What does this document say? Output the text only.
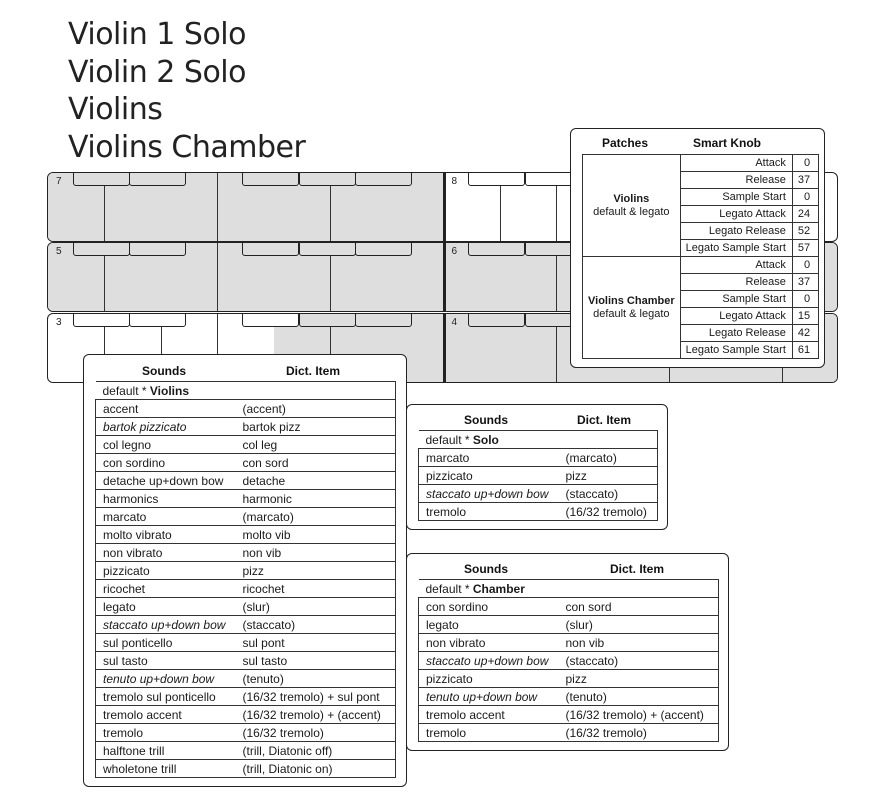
Violin 1 Solo
Violin 2 Solo
Violins
Violins Chamber
7	8
5	6
3	4
Patches	Smart Knob
Violins
default & legato	Attack	0
	Release	37
	Sample Start	0
	Legato Attack	24
	Legato Release	52
	Legato Sample Start	57

Violins Chamber
default & legato	Attack	0
	Release	37
	Sample Start	0
	Legato Attack	15
	Legato Release	42
	Legato Sample Start	61
Sounds	Dict. Item
default * Violins	
accent	(accent)
bartok pizzicato	bartok pizz
col legno	col leg
con sordino	con sord
detache up+down bow	detache
harmonics	harmonic
marcato	(marcato)
molto vibrato	molto vib
non vibrato	non vib
pizzicato	pizz
ricochet	ricochet
legato	(slur)
staccato up+down bow	(staccato)
sul ponticello	sul pont
sul tasto	sul tasto
tenuto up+down bow	(tenuto)
tremolo sul ponticello	(16/32 tremolo) + sul pont
tremolo accent	(16/32 tremolo) + (accent)
tremolo	(16/32 tremolo)
halftone trill	(trill, Diatonic off)
wholetone trill	(trill, Diatonic on)
Sounds	Dict. Item
default * Solo	
marcato	(marcato)
pizzicato	pizz
staccato up+down bow	(staccato)
tremolo	(16/32 tremolo)
Sounds	Dict. Item
default * Chamber	
con sordino	con sord
legato	(slur)
non vibrato	non vib
staccato up+down bow	(staccato)
pizzicato	pizz
tenuto up+down bow	(tenuto)
tremolo accent	(16/32 tremolo) + (accent)
tremolo	(16/32 tremolo)
